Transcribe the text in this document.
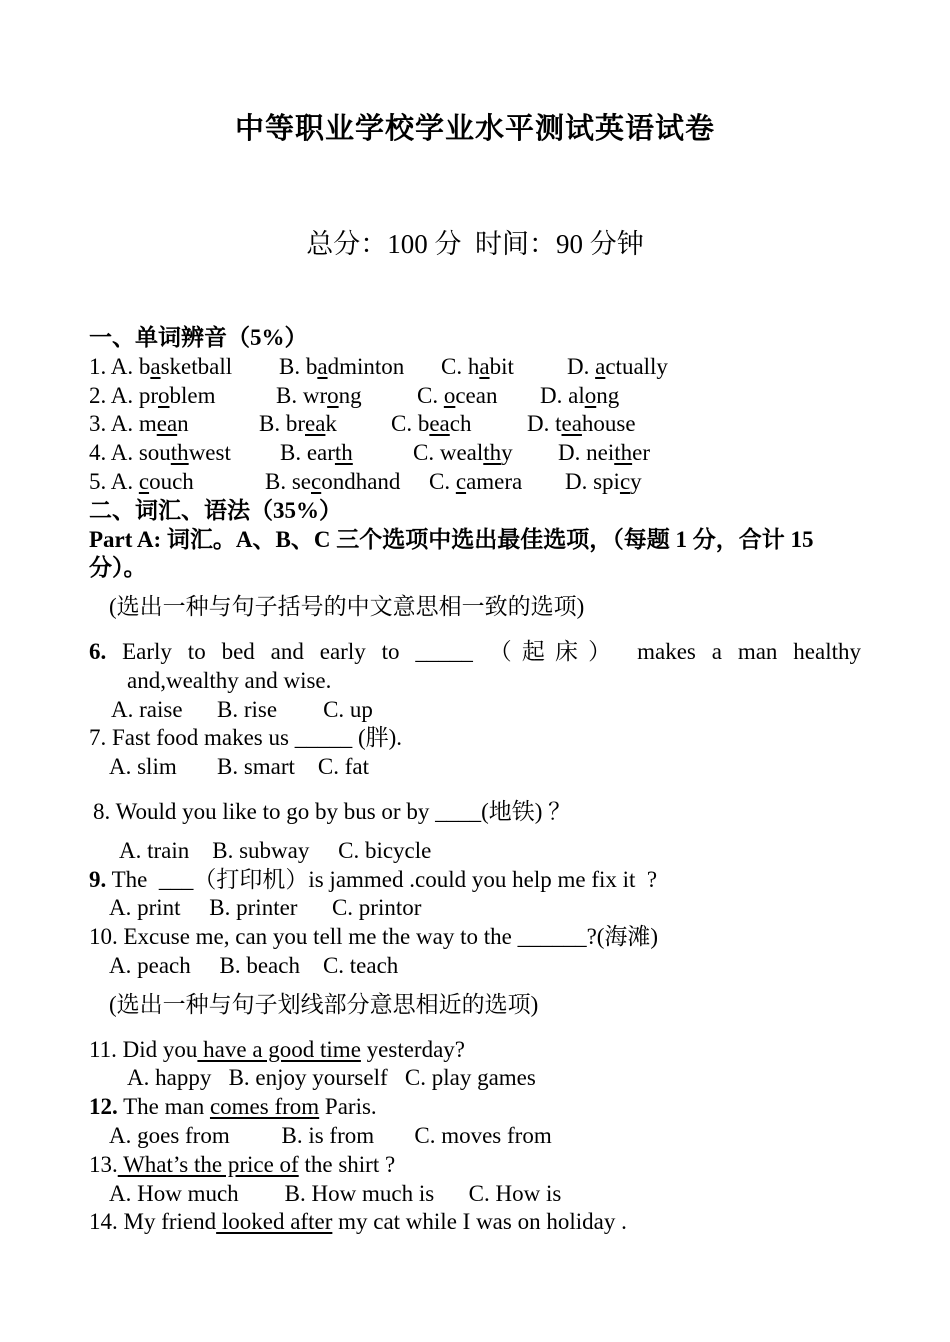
中等职业学校学业水平测试英语试卷
总分：100 分  时间：90 分钟
一、单词辨音（5%）
1. A. basketball B. badminton C. habit D. actually
2. A. problem	B. wrong C. ocean D. along
3. A. mean	B. break C. beach D. teahouse
4. A. southwest B. earth	C. wealthy D. neither
5. A. couch	B. secondhand C. camera D. spicy
二、词汇、语法（35%）
Part A: 词汇。A、B、C 三个选项中选出最佳选项，（每题 1 分，合计 15 分）。
(选出一种与句子括号的中文意思相一致的选项)
6. Early to bed and early to _____ （起床） makes a man healthy
and,wealthy and wise.
A. raise      B. rise        C. up
7. Fast food makes us _____ (胖).
A. slim       B. smart    C. fat
8. Would you like to go by bus or by ____(地铁) ？
A. train    B. subway     C. bicycle
9. The  ___（打印机）is jammed .could you help me fix it  ?
A. print     B. printer      C. printor
10. Excuse me, can you tell me the way to the ______?(海滩)
A. peach     B. beach    C. teach
(选出一种与句子划线部分意思相近的选项)
11. Did you have a good time yesterday?
A. happy   B. enjoy yourself   C. play games
12. The man comes from Paris.
A. goes from         B. is from       C. moves from
13. What’s the price of the shirt ?
A. How much        B. How much is      C. How is
14. My friend looked after my cat while I was on holiday .
